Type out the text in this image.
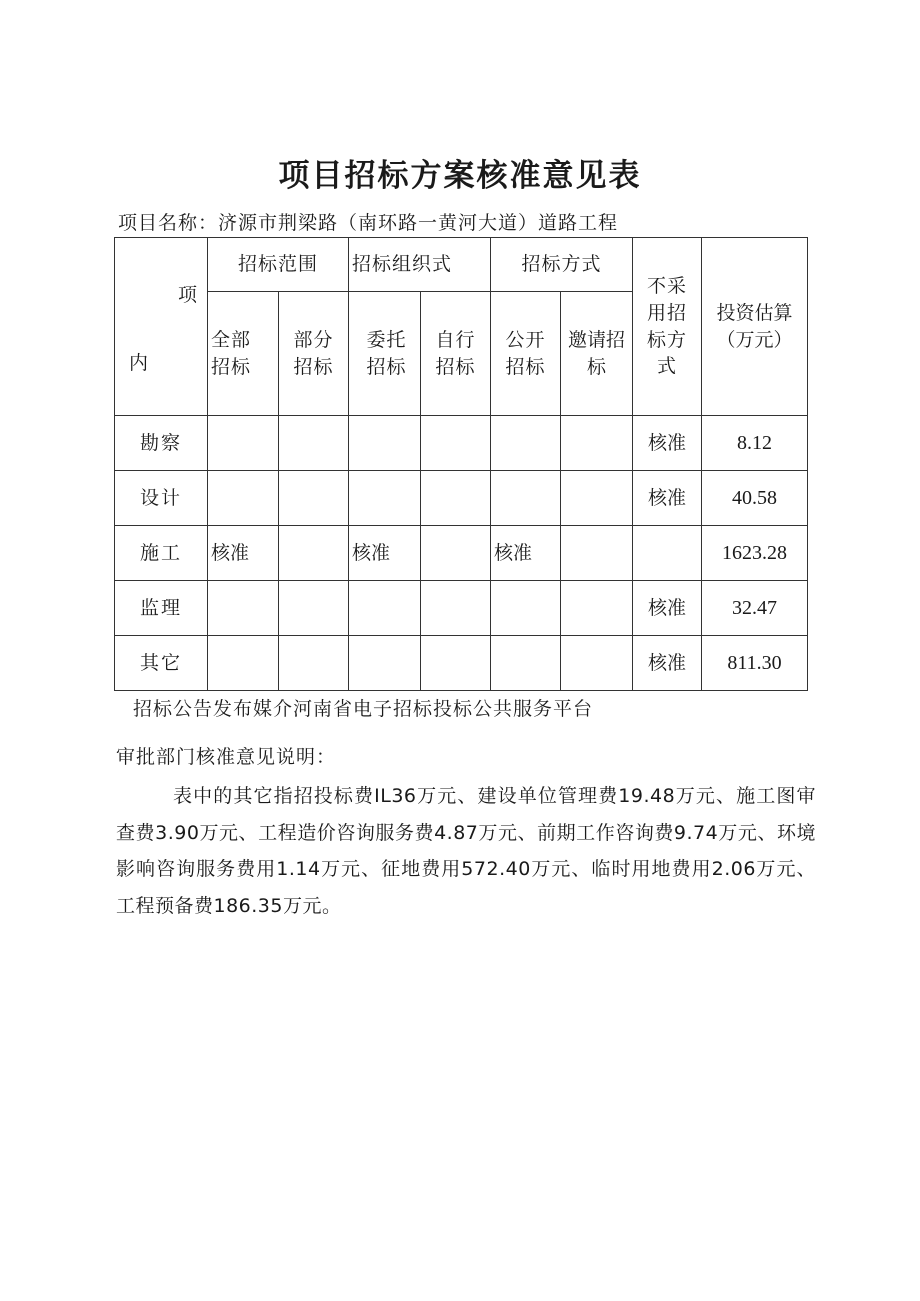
项目招标方案核准意见表
项目名称：济源市荆梁路（南环路一黄河大道）道路工程
项
内	招标范围		招标组织式		招标方式		不采用招标方式	投资估算（万元）
	全部招标	部分招标	委托招标	自行招标	公开招标	邀请招标		
勘察							核准	8.12
设计							核准	40.58
施工	核准		核准		核准			1623.28
监理							核准	32.47
其它							核准	811.30
招标公告发布媒介河南省电子招标投标公共服务平台
审批部门核准意见说明：
表中的其它指招投标费IL36万元、建设单位管理费19.48万元、施工图审查费3.90万元、工程造价咨询服务费4.87万元、前期工作咨询费9.74万元、环境影响咨询服务费用1.14万元、征地费用572.40万元、临时用地费用2.06万元、工程预备费186.35万元。
